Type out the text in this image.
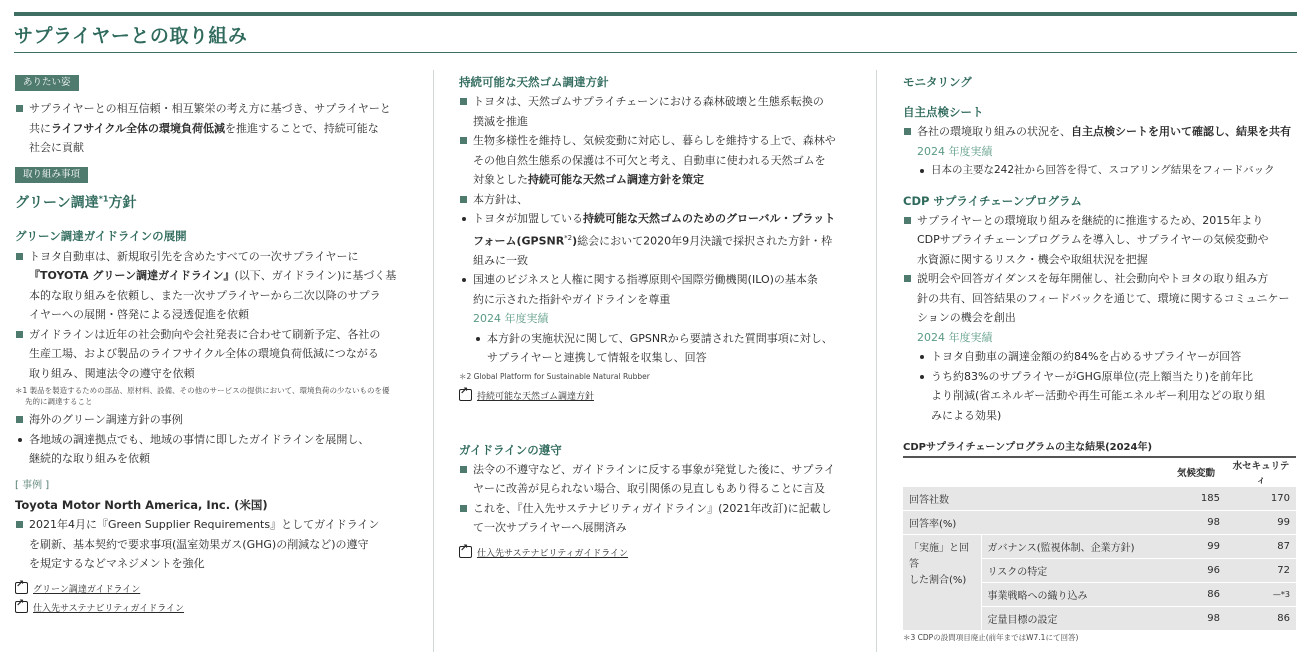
サプライヤーとの取り組み
ありたい姿
サプライヤーとの相互信頼・相互繁栄の考え方に基づき、サプライヤーと
共にライフサイクル全体の環境負荷低減を推進することで、持続可能な
社会に貢献
取り組み事項
グリーン調達$^{*1}$方針
グリーン調達ガイドラインの展開
トヨタ自動車は、新規取引先を含めたすべての一次サプライヤーに
『TOYOTA グリーン調達ガイドライン』(以下、ガイドライン)に基づく基
本的な取り組みを依頼し、また一次サプライヤーから二次以降のサプラ
イヤーへの展開・啓発による浸透促進を依頼
ガイドラインは近年の社会動向や会社発表に合わせて刷新予定、各社の
生産工場、および製品のライフサイクル全体の環境負荷低減につながる
取り組み、関連法令の遵守を依頼
＊1 製品を製造するための部品、原材料、設備、その他のサービスの提供において、環境負荷の少ないものを優
先的に調達すること
海外のグリーン調達方針の事例
各地域の調達拠点でも、地域の事情に即したガイドラインを展開し、
継続的な取り組みを依頼
[ 事例 ]
Toyota Motor North America, Inc. (米国)
2021年4月に『Green Supplier Requirements』としてガイドライン
を刷新、基本契約で要求事項(温室効果ガス(GHG)の削減など)の遵守
を規定するなどマネジメントを強化
↗
グリーン調達ガイドライン
↗
仕入先サステナビリティガイドライン
持続可能な天然ゴム調達方針
トヨタは、天然ゴムサプライチェーンにおける森林破壊と生態系転換の
撲滅を推進
生物多様性を維持し、気候変動に対応し、暮らしを維持する上で、森林や
その他自然生態系の保護は不可欠と考え、自動車に使われる天然ゴムを
対象とした持続可能な天然ゴム調達方針を策定
本方針は、
トヨタが加盟している持続可能な天然ゴムのためのグローバル・プラット
フォーム(GPSNR$^{*2}$)総会において2020年9月決議で採択された方針・枠
組みに一致
国連のビジネスと人権に関する指導原則や国際労働機関(ILO)の基本条
約に示された指針やガイドラインを尊重
2024 年度実績
本方針の実施状況に関して、GPSNRから要請された質問事項に対し、
サプライヤーと連携して情報を収集し、回答
＊2 Global Platform for Sustainable Natural Rubber
↗
持続可能な天然ゴム調達方針
ガイドラインの遵守
法令の不遵守など、ガイドラインに反する事象が発覚した後に、サプライ
ヤーに改善が見られない場合、取引関係の見直しもあり得ることに言及
これを、『仕入先サステナビリティガイドライン』(2021年改訂)に記載し
て一次サプライヤーへ展開済み
↗
仕入先サステナビリティガイドライン
モニタリング
自主点検シート
各社の環境取り組みの状況を、自主点検シートを用いて確認し、結果を共有
2024 年度実績
日本の主要な242社から回答を得て、スコアリング結果をフィードバック
CDP サプライチェーンプログラム
サプライヤーとの環境取り組みを継続的に推進するため、2015年より
CDPサプライチェーンプログラムを導入し、サプライヤーの気候変動や
水資源に関するリスク・機会や取組状況を把握
説明会や回答ガイダンスを毎年開催し、社会動向やトヨタの取り組み方
針の共有、回答結果のフィードバックを通じて、環境に関するコミュニケー
ションの機会を創出
2024 年度実績
トヨタ自動車の調達金額の約84%を占めるサプライヤーが回答
うち約83%のサプライヤーがGHG原単位(売上額当たり)を前年比
より削減(省エネルギー活動や再生可能エネルギー利用などの取り組
みによる効果)
CDPサプライチェーンプログラムの主な結果(2024年)
		気候変動	水セキュリティ
回答社数		185	170
回答率(%)		98	99

「実施」と回答
した割合(%)	ガバナンス(監視体制、企業方針)	99	87
	リスクの特定	96	72
	事業戦略への織り込み	86	—*3
	定量目標の設定	98	86
＊3 CDPの設問項目廃止(前年まではW7.1にて回答)
